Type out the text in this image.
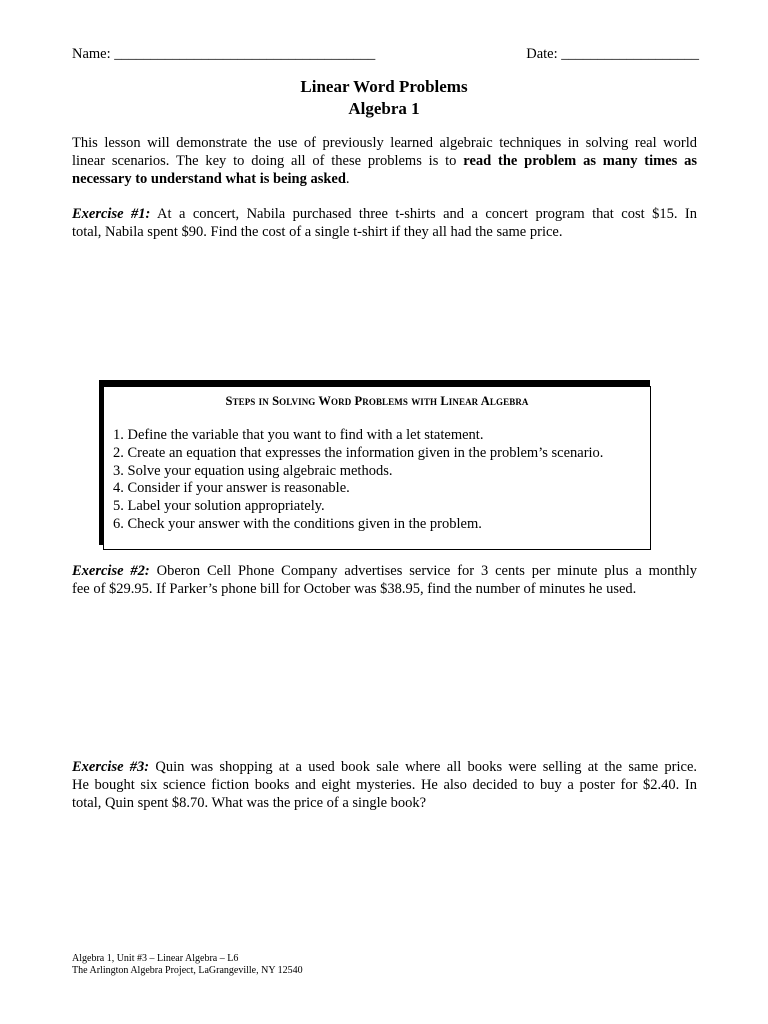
Name: ____________________________________	Date: ___________________
Linear Word Problems
Algebra 1
This lesson will demonstrate the use of previously learned algebraic techniques in solving real world
linear scenarios. The key to doing all of these problems is to read the problem as many times as
necessary to understand what is being asked.
Exercise #1: At a concert, Nabila purchased three t-shirts and a concert program that cost $15. In
total, Nabila spent $90. Find the cost of a single t-shirt if they all had the same price.
Steps in Solving Word Problems with Linear Algebra
1. Define the variable that you want to find with a let statement.
2. Create an equation that expresses the information given in the problem’s scenario.
3. Solve your equation using algebraic methods.
4. Consider if your answer is reasonable.
5. Label your solution appropriately.
6. Check your answer with the conditions given in the problem.
Exercise #2: Oberon Cell Phone Company advertises service for 3 cents per minute plus a monthly
fee of $29.95. If Parker’s phone bill for October was $38.95, find the number of minutes he used.
Exercise #3: Quin was shopping at a used book sale where all books were selling at the same price.
He bought six science fiction books and eight mysteries. He also decided to buy a poster for $2.40. In
total, Quin spent $8.70. What was the price of a single book?
Algebra 1, Unit #3 – Linear Algebra – L6
The Arlington Algebra Project, LaGrangeville, NY 12540
